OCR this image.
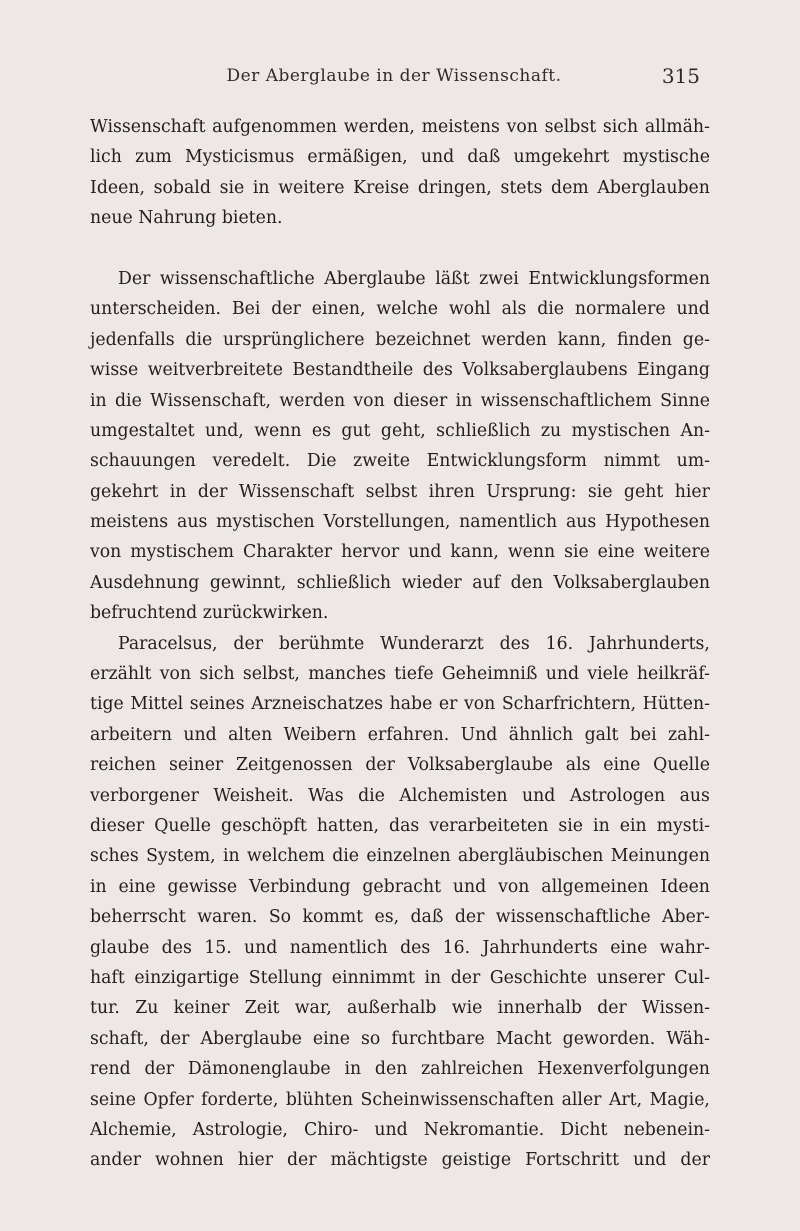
Der Aberglaube in der Wissenschaft.	315
Wissenschaft aufgenommen werden, meistens von selbst sich allmäh-
lich zum Mysticismus ermäßigen, und daß umgekehrt mystische
Ideen, sobald sie in weitere Kreise dringen, stets dem Aberglauben
neue Nahrung bieten.
Der wissenschaftliche Aberglaube läßt zwei Entwicklungsformen
unterscheiden. Bei der einen, welche wohl als die normalere und
jedenfalls die ursprünglichere bezeichnet werden kann, finden ge-
wisse weitverbreitete Bestandtheile des Volksaberglaubens Eingang
in die Wissenschaft, werden von dieser in wissenschaftlichem Sinne
umgestaltet und, wenn es gut geht, schließlich zu mystischen An-
schauungen veredelt. Die zweite Entwicklungsform nimmt um-
gekehrt in der Wissenschaft selbst ihren Ursprung: sie geht hier
meistens aus mystischen Vorstellungen, namentlich aus Hypothesen
von mystischem Charakter hervor und kann, wenn sie eine weitere
Ausdehnung gewinnt, schließlich wieder auf den Volksaberglauben
befruchtend zurückwirken.
Paracelsus, der berühmte Wunderarzt des 16. Jahrhunderts,
erzählt von sich selbst, manches tiefe Geheimniß und viele heilkräf-
tige Mittel seines Arzneischatzes habe er von Scharfrichtern, Hütten-
arbeitern und alten Weibern erfahren. Und ähnlich galt bei zahl-
reichen seiner Zeitgenossen der Volksaberglaube als eine Quelle
verborgener Weisheit. Was die Alchemisten und Astrologen aus
dieser Quelle geschöpft hatten, das verarbeiteten sie in ein mysti-
sches System, in welchem die einzelnen abergläubischen Meinungen
in eine gewisse Verbindung gebracht und von allgemeinen Ideen
beherrscht waren. So kommt es, daß der wissenschaftliche Aber-
glaube des 15. und namentlich des 16. Jahrhunderts eine wahr-
haft einzigartige Stellung einnimmt in der Geschichte unserer Cul-
tur. Zu keiner Zeit war, außerhalb wie innerhalb der Wissen-
schaft, der Aberglaube eine so furchtbare Macht geworden. Wäh-
rend der Dämonenglaube in den zahlreichen Hexenverfolgungen
seine Opfer forderte, blühten Scheinwissenschaften aller Art, Magie,
Alchemie, Astrologie, Chiro- und Nekromantie. Dicht nebenein-
ander wohnen hier der mächtigste geistige Fortschritt und der
